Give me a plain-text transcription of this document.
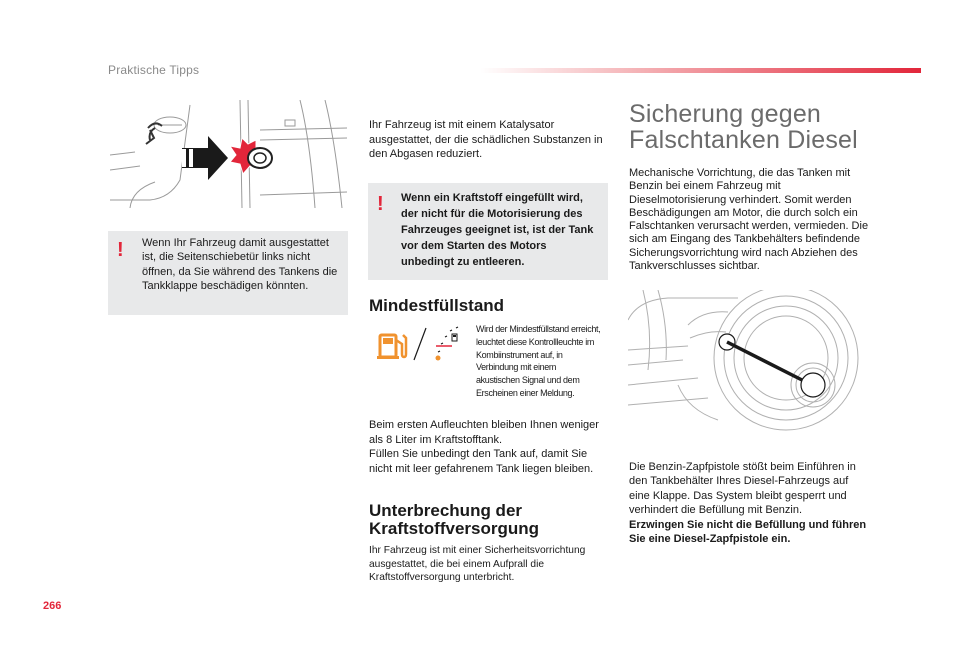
Praktische Tipps
! Wenn Ihr Fahrzeug damit ausgestattet ist, die Seitenschiebetür links nicht öffnen, da Sie während des Tankens die Tankklappe beschädigen könnten.
Ihr Fahrzeug ist mit einem Katalysator ausgestattet, der die schädlichen Substanzen in den Abgasen reduziert.
! Wenn ein Kraftstoff eingefüllt wird, der nicht für die Motorisierung des Fahrzeuges geeignet ist, ist der Tank vor dem Starten des Motors unbedingt zu entleeren.
Mindestfüllstand
Wird der Mindestfüllstand erreicht, leuchtet diese Kontrollleuchte im Kombiinstrument auf, in Verbindung mit einem akustischen Signal und dem Erscheinen einer Meldung.
Beim ersten Aufleuchten bleiben Ihnen weniger als 8 Liter im Kraftstofftank.
Füllen Sie unbedingt den Tank auf, damit Sie nicht mit leer gefahrenem Tank liegen bleiben.
Unterbrechung der
Kraftstoffversorgung
Ihr Fahrzeug ist mit einer Sicherheitsvorrichtung ausgestattet, die bei einem Aufprall die Kraftstoffversorgung unterbricht.
Sicherung gegen
Falschtanken Diesel
Mechanische Vorrichtung, die das Tanken mit Benzin bei einem Fahrzeug mit Dieselmotorisierung verhindert. Somit werden Beschädigungen am Motor, die durch solch ein Falschtanken verursacht werden, vermieden. Die sich am Eingang des Tankbehälters befindende Sicherungsvorrichtung wird nach Abziehen des Tankverschlusses sichtbar.
Die Benzin-Zapfpistole stößt beim Einführen in den Tankbehälter Ihres Diesel-Fahrzeugs auf eine Klappe. Das System bleibt gesperrt und verhindert die Befüllung mit Benzin.
Erzwingen Sie nicht die Befüllung und führen Sie eine Diesel-Zapfpistole ein.
266
